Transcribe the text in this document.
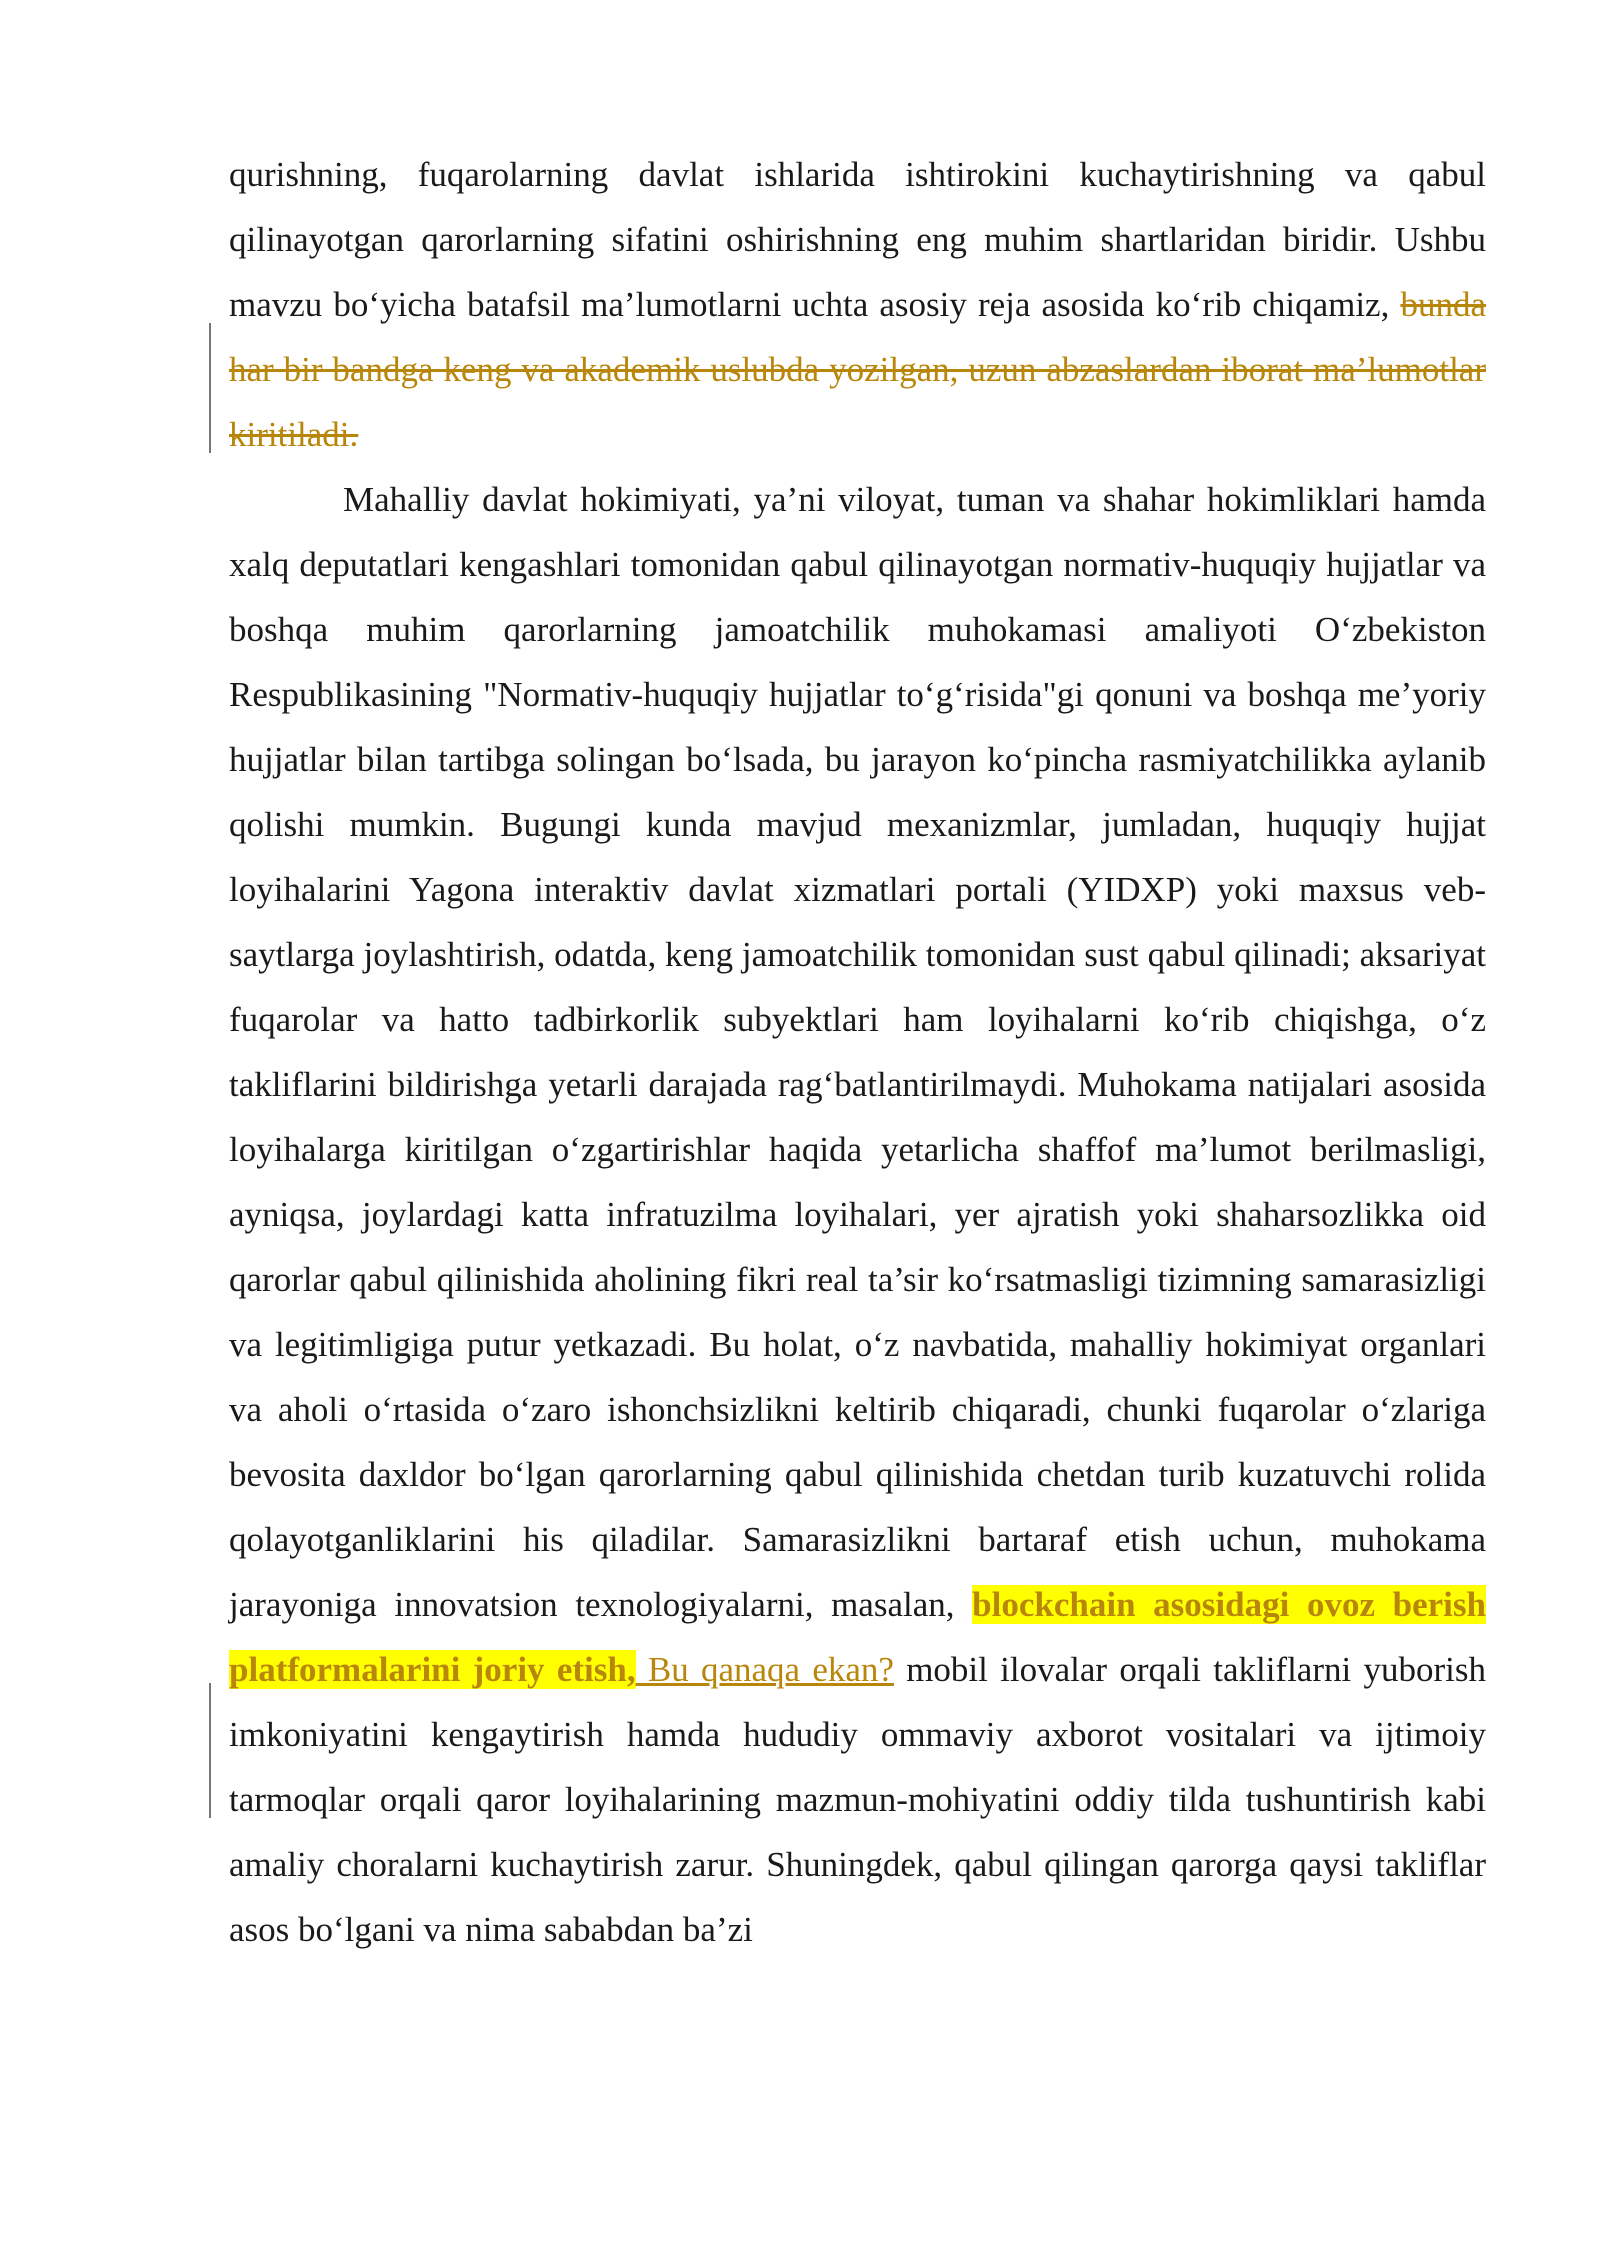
qurishning, fuqarolarning davlat ishlarida ishtirokini kuchaytirishning va qabul qilinayotgan qarorlarning sifatini oshirishning eng muhim shartlaridan biridir. Ushbu mavzu bo‘yicha batafsil ma’lumotlarni uchta asosiy reja asosida ko‘rib chiqamiz, bunda har bir bandga keng va akademik uslubda yozilgan, uzun abzaslardan iborat ma’lumotlar kiritiladi.

Mahalliy davlat hokimiyati, ya’ni viloyat, tuman va shahar hokimliklari hamda xalq deputatlari kengashlari tomonidan qabul qilinayotgan normativ-huquqiy hujjatlar va boshqa muhim qarorlarning jamoatchilik muhokamasi amaliyoti O‘zbekiston Respublikasining "Normativ-huquqiy hujjatlar to‘g‘risida"gi qonuni va boshqa me’yoriy hujjatlar bilan tartibga solingan bo‘lsada, bu jarayon ko‘pincha rasmiyatchilikka aylanib qolishi mumkin. Bugungi kunda mavjud mexanizmlar, jumladan, huquqiy hujjat loyihalarini Yagona interaktiv davlat xizmatlari portali (YIDXP) yoki maxsus veb-saytlarga joylashtirish, odatda, keng jamoatchilik tomonidan sust qabul qilinadi; aksariyat fuqarolar va hatto tadbirkorlik subyektlari ham loyihalarni ko‘rib chiqishga, o‘z takliflarini bildirishga yetarli darajada rag‘batlantirilmaydi. Muhokama natijalari asosida loyihalarga kiritilgan o‘zgartirishlar haqida yetarlicha shaffof ma’lumot berilmasligi, ayniqsa, joylardagi katta infratuzilma loyihalari, yer ajratish yoki shaharsozlikka oid qarorlar qabul qilinishida aholining fikri real ta’sir ko‘rsatmasligi tizimning samarasizligi va legitimligiga putur yetkazadi. Bu holat, o‘z navbatida, mahalliy hokimiyat organlari va aholi o‘rtasida o‘zaro ishonchsizlikni keltirib chiqaradi, chunki fuqarolar o‘zlariga bevosita daxldor bo‘lgan qarorlarning qabul qilinishida chetdan turib kuzatuvchi rolida qolayotganliklarini his qiladilar. Samarasizlikni bartaraf etish uchun, muhokama jarayoniga innovatsion texnologiyalarni, masalan, blockchain asosidagi ovoz berish platformalarini joriy etish, Bu qanaqa ekan? mobil ilovalar orqali takliflarni yuborish imkoniyatini kengaytirish hamda hududiy ommaviy axborot vositalari va ijtimoiy tarmoqlar orqali qaror loyihalarining mazmun-mohiyatini oddiy tilda tushuntirish kabi amaliy choralarni kuchaytirish zarur. Shuningdek, qabul qilingan qarorga qaysi takliflar asos bo‘lgani va nima sababdan ba’zi
